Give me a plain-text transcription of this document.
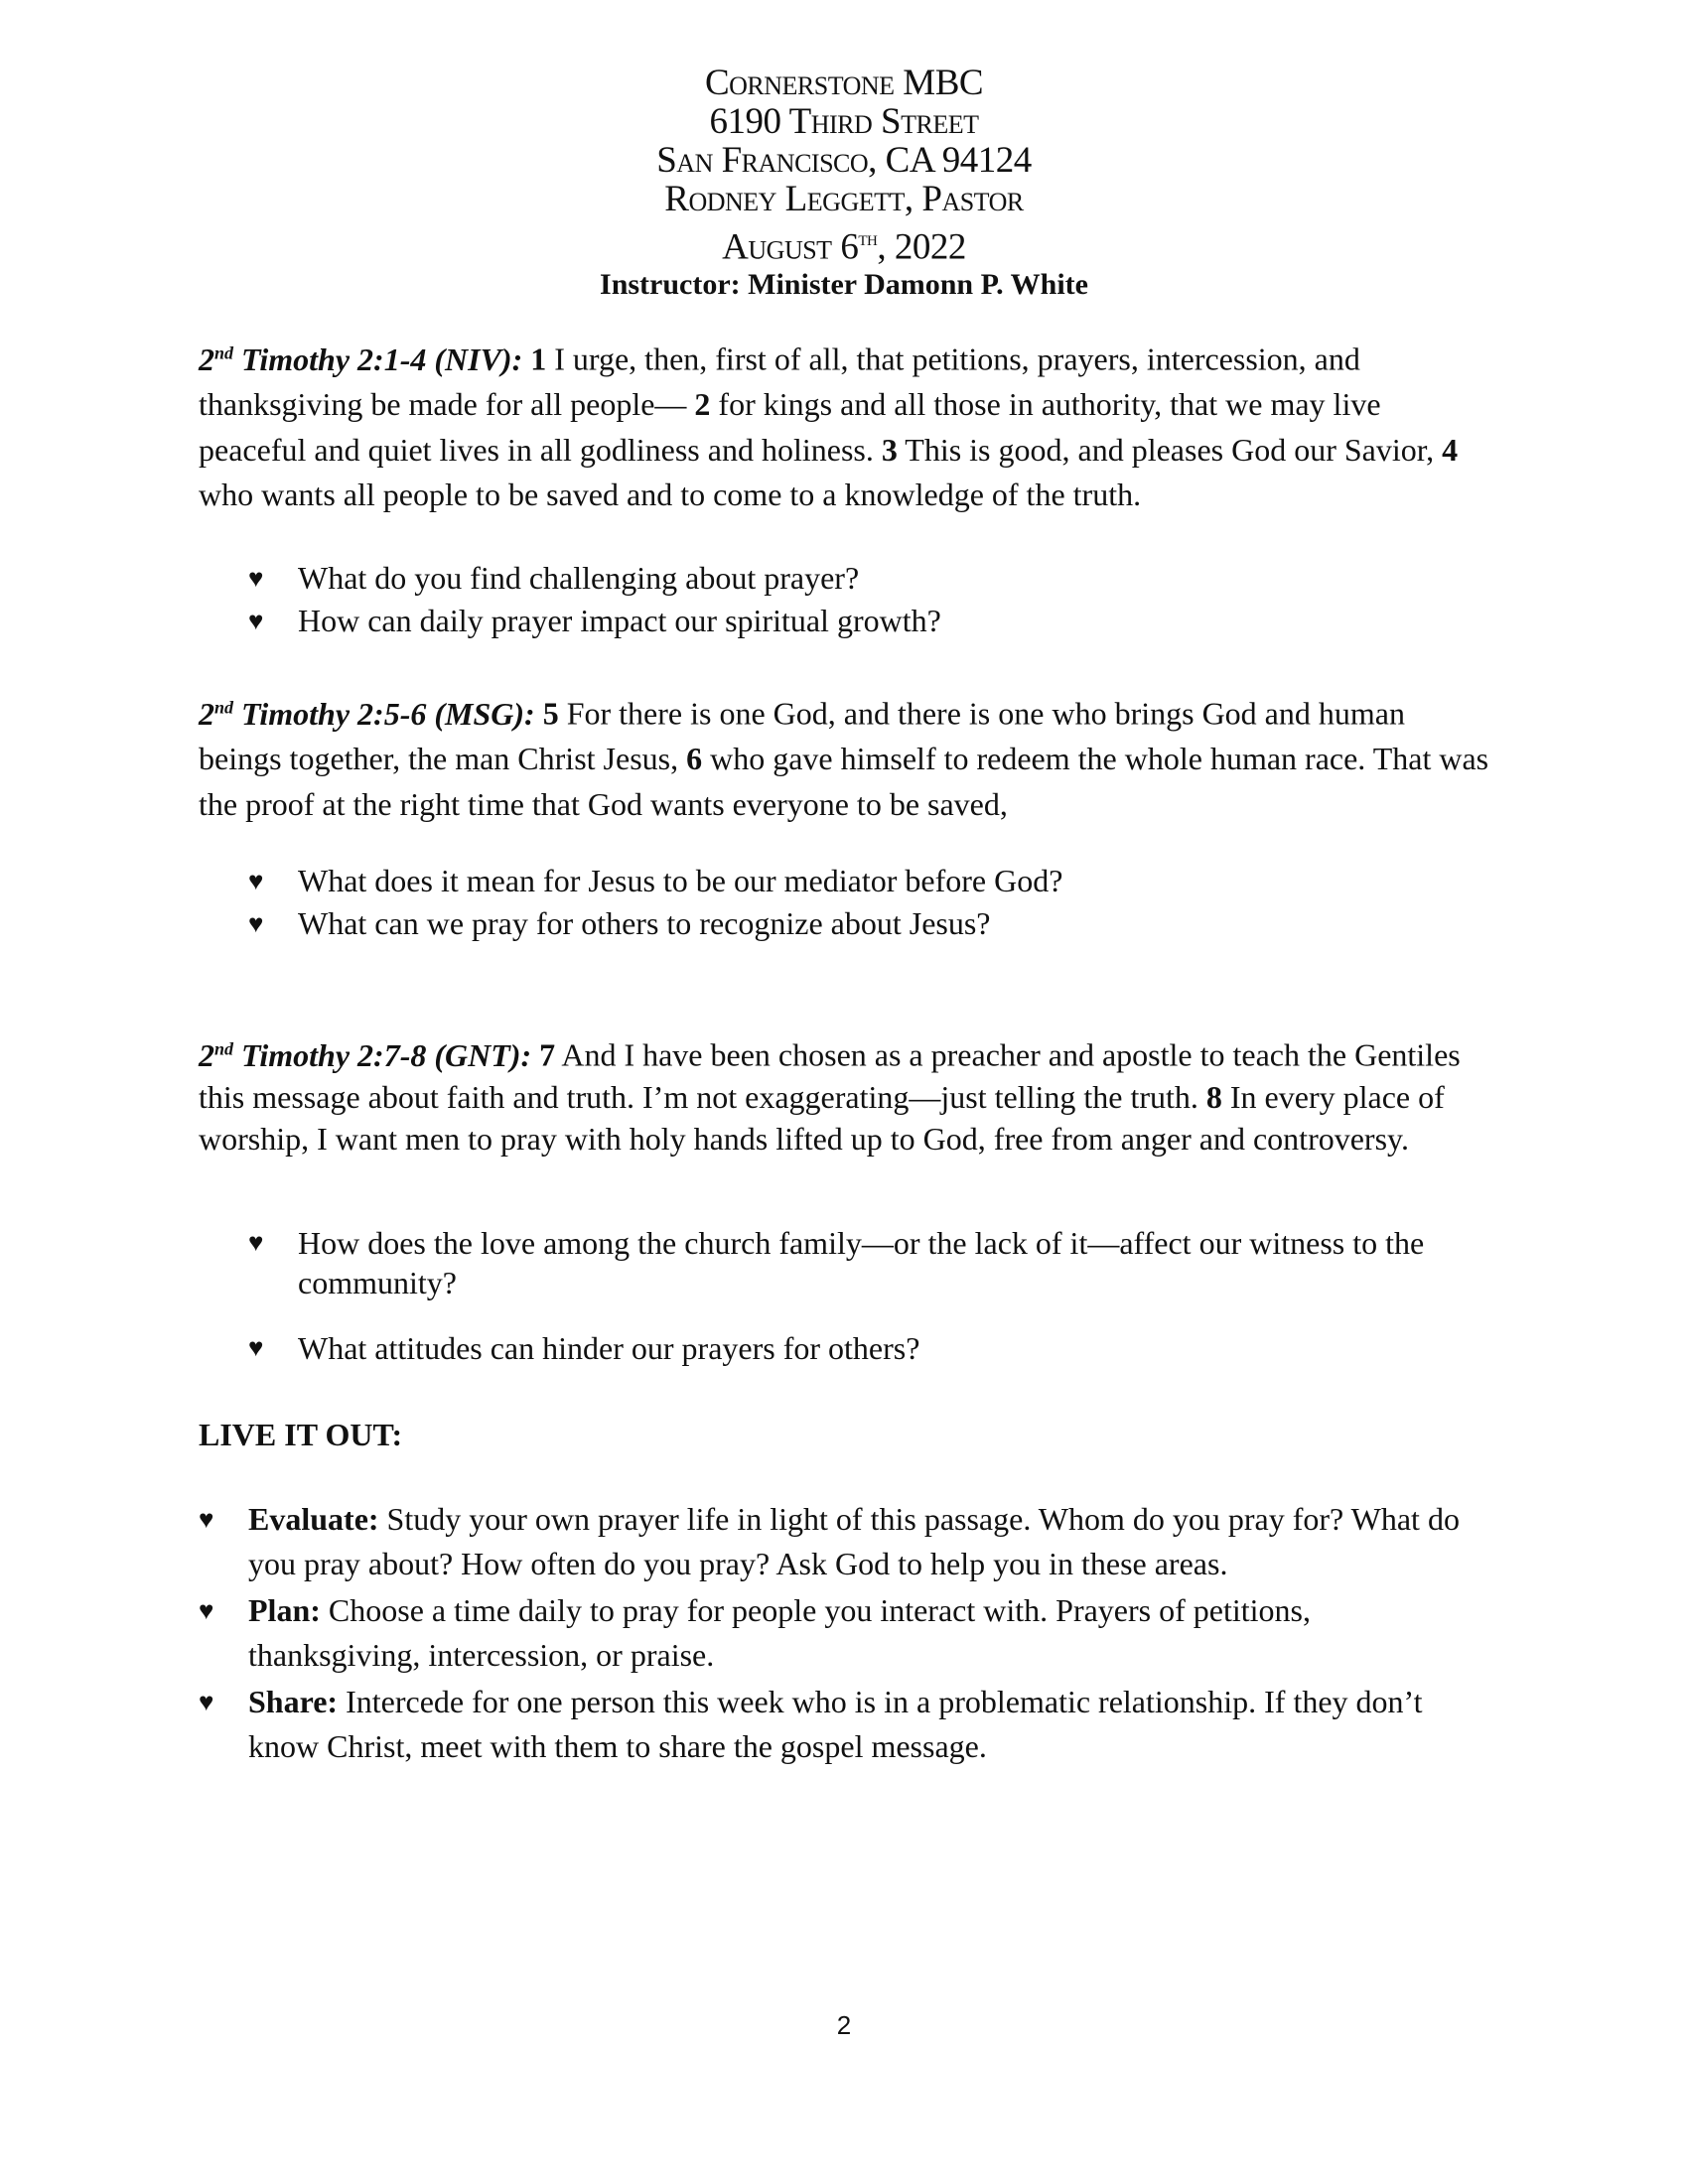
Cornerstone MBC
6190 Third Street
San Francisco, CA 94124
Rodney Leggett, Pastor
August 6th, 2022
Instructor: Minister Damonn P. White
2nd Timothy 2:1-4 (NIV): 1 I urge, then, first of all, that petitions, prayers, intercession, and thanksgiving be made for all people— 2 for kings and all those in authority, that we may live peaceful and quiet lives in all godliness and holiness. 3 This is good, and pleases God our Savior, 4 who wants all people to be saved and to come to a knowledge of the truth.
♥ What do you find challenging about prayer?
♥ How can daily prayer impact our spiritual growth?
2nd Timothy 2:5-6 (MSG): 5 For there is one God, and there is one who brings God and human beings together, the man Christ Jesus, 6 who gave himself to redeem the whole human race. That was the proof at the right time that God wants everyone to be saved,
♥ What does it mean for Jesus to be our mediator before God?
♥ What can we pray for others to recognize about Jesus?
2nd Timothy 2:7-8 (GNT): 7 And I have been chosen as a preacher and apostle to teach the Gentiles this message about faith and truth. I’m not exaggerating—just telling the truth. 8 In every place of worship, I want men to pray with holy hands lifted up to God, free from anger and controversy.
♥ How does the love among the church family—or the lack of it—affect our witness to the community?
♥ What attitudes can hinder our prayers for others?
LIVE IT OUT:
♥ Evaluate: Study your own prayer life in light of this passage. Whom do you pray for? What do you pray about? How often do you pray? Ask God to help you in these areas.
♥ Plan: Choose a time daily to pray for people you interact with. Prayers of petitions, thanksgiving, intercession, or praise.
♥ Share: Intercede for one person this week who is in a problematic relationship. If they don’t know Christ, meet with them to share the gospel message.
2
